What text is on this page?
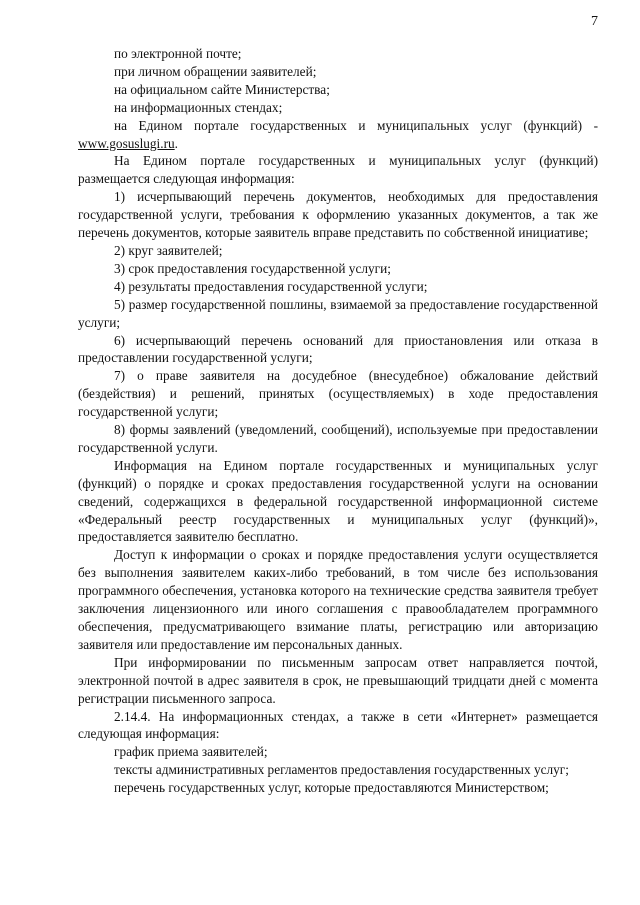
7

по электронной почте;

при личном обращении заявителей;

на официальном сайте Министерства;

на информационных стендах;

на Едином портале государственных и муниципальных услуг (функций) - www.gosuslugi.ru.

На Едином портале государственных и муниципальных услуг (функций) размещается следующая информация:

1) исчерпывающий перечень документов, необходимых для предоставления государственной услуги, требования к оформлению указанных документов, а так же перечень документов, которые заявитель вправе представить по собственной инициативе;

2) круг заявителей;

3) срок предоставления государственной услуги;

4) результаты предоставления государственной услуги;

5) размер государственной пошлины, взимаемой за предоставление государственной услуги;

6) исчерпывающий перечень оснований для приостановления или отказа в предоставлении государственной услуги;

7) о праве заявителя на досудебное (внесудебное) обжалование действий (бездействия) и решений, принятых (осуществляемых) в ходе предоставления государственной услуги;

8) формы заявлений (уведомлений, сообщений), используемые при предоставлении государственной услуги.

Информация на Едином портале государственных и муниципальных услуг (функций) о порядке и сроках предоставления государственной услуги на основании сведений, содержащихся в федеральной государственной информационной системе «Федеральный реестр государственных и муниципальных услуг (функций)», предоставляется заявителю бесплатно.

Доступ к информации о сроках и порядке предоставления услуги осуществляется без выполнения заявителем каких-либо требований, в том числе без использования программного обеспечения, установка которого на технические средства заявителя требует заключения лицензионного или иного соглашения с правообладателем программного обеспечения, предусматривающего взимание платы, регистрацию или авторизацию заявителя или предоставление им персональных данных.

При информировании по письменным запросам ответ направляется почтой, электронной почтой в адрес заявителя в срок, не превышающий тридцати дней с момента регистрации письменного запроса.

2.14.4. На информационных стендах, а также в сети «Интернет» размещается следующая информация:

график приема заявителей;

тексты административных регламентов предоставления государственных услуг;

перечень государственных услуг, которые предоставляются Министерством;
